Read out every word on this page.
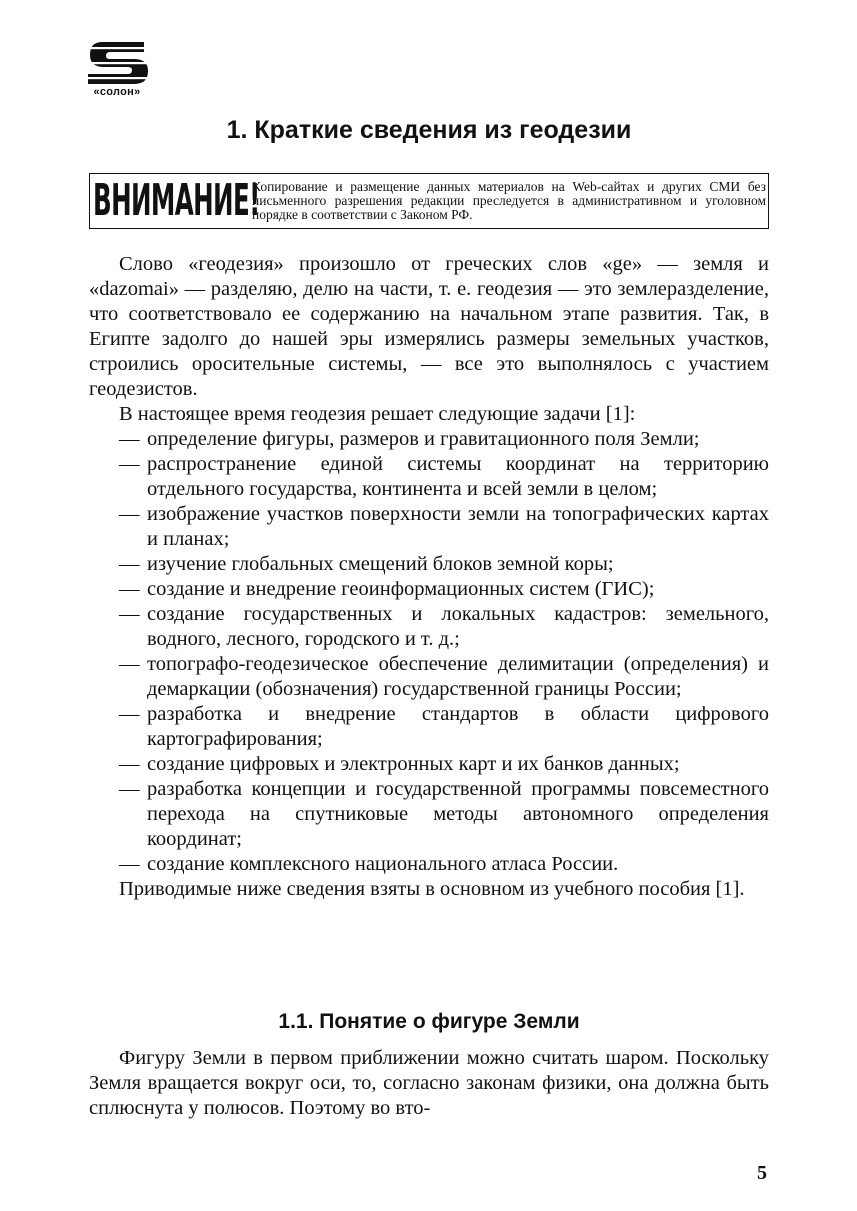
«солон»
1. Краткие сведения из геодезии
ВНИМАНИЕ!
Копирование и размещение данных материалов на Web-сайтах и других СМИ без письменного разрешения редакции преследуется в административном и уголовном порядке в соответствии с Законом РФ.

Слово «геодезия» произошло от греческих слов «ge» — земля и «dazomai» — разделяю, делю на части, т. е. геодезия — это землеразделение, что соответствовало ее содержанию на начальном этапе развития. Так, в Египте задолго до нашей эры измерялись размеры земельных участков, строились оросительные системы, — все это выполнялось с участием геодезистов.

В настоящее время геодезия решает следующие задачи [1]:

— определение фигуры, размеров и гравитационного поля Земли;
— распространение единой системы координат на территорию отдельного государства, континента и всей земли в целом;
— изображение участков поверхности земли на топографических картах и планах;
— изучение глобальных смещений блоков земной коры;
— создание и внедрение геоинформационных систем (ГИС);
— создание государственных и локальных кадастров: земельного, водного, лесного, городского и т. д.;
— топографо-геодезическое обеспечение делимитации (определения) и демаркации (обозначения) государственной границы России;
— разработка и внедрение стандартов в области цифрового картографирования;
— создание цифровых и электронных карт и их банков данных;
— разработка концепции и государственной программы повсеместного перехода на спутниковые методы автономного определения координат;
— создание комплексного национального атласа России.

Приводимые ниже сведения взяты в основном из учебного пособия [1].

1.1. Понятие о фигуре Земли

Фигуру Земли в первом приближении можно считать шаром. Поскольку Земля вращается вокруг оси, то, согласно законам физики, она должна быть сплюснута у полюсов. Поэтому во вто-

5
